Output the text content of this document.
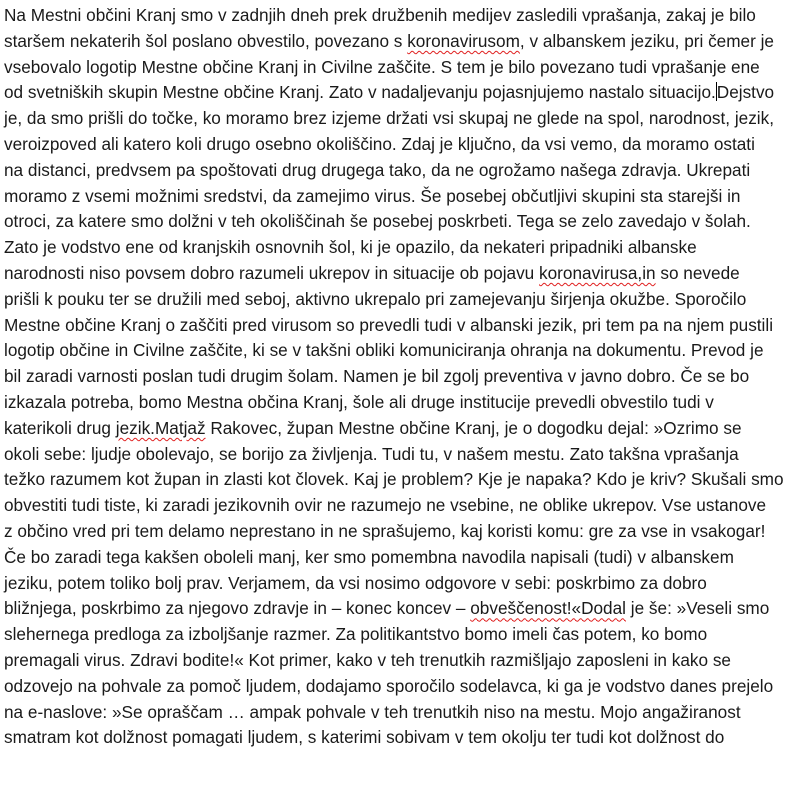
Na Mestni občini Kranj smo v zadnjih dneh prek družbenih medijev zasledili vprašanja, zakaj je bilo
staršem nekaterih šol poslano obvestilo, povezano s koronavirusom, v albanskem jeziku, pri čemer je
vsebovalo logotip Mestne občine Kranj in Civilne zaščite. S tem je bilo povezano tudi vprašanje ene
od svetniških skupin Mestne občine Kranj. Zato v nadaljevanju pojasnjujemo nastalo situacijo.Dejstvo
je, da smo prišli do točke, ko moramo brez izjeme držati vsi skupaj ne glede na spol, narodnost, jezik,
veroizpoved ali katero koli drugo osebno okoliščino. Zdaj je ključno, da vsi vemo, da moramo ostati
na distanci, predvsem pa spoštovati drug drugega tako, da ne ogrožamo našega zdravja. Ukrepati
moramo z vsemi možnimi sredstvi, da zamejimo virus. Še posebej občutljivi skupini sta starejši in
otroci, za katere smo dolžni v teh okoliščinah še posebej poskrbeti. Tega se zelo zavedajo v šolah.
Zato je vodstvo ene od kranjskih osnovnih šol, ki je opazilo, da nekateri pripadniki albanske
narodnosti niso povsem dobro razumeli ukrepov in situacije ob pojavu koronavirusa,in so nevede
prišli k pouku ter se družili med seboj, aktivno ukrepalo pri zamejevanju širjenja okužbe. Sporočilo
Mestne občine Kranj o zaščiti pred virusom so prevedli tudi v albanski jezik, pri tem pa na njem pustili
logotip občine in Civilne zaščite, ki se v takšni obliki komuniciranja ohranja na dokumentu. Prevod je
bil zaradi varnosti poslan tudi drugim šolam. Namen je bil zgolj preventiva v javno dobro. Če se bo
izkazala potreba, bomo Mestna občina Kranj, šole ali druge institucije prevedli obvestilo tudi v
katerikoli drug jezik.Matjaž Rakovec, župan Mestne občine Kranj, je o dogodku dejal: »Ozrimo se
okoli sebe: ljudje obolevajo, se borijo za življenja. Tudi tu, v našem mestu. Zato takšna vprašanja
težko razumem kot župan in zlasti kot človek. Kaj je problem? Kje je napaka? Kdo je kriv? Skušali smo
obvestiti tudi tiste, ki zaradi jezikovnih ovir ne razumejo ne vsebine, ne oblike ukrepov. Vse ustanove
z občino vred pri tem delamo neprestano in ne sprašujemo, kaj koristi komu: gre za vse in vsakogar!
Če bo zaradi tega kakšen oboleli manj, ker smo pomembna navodila napisali (tudi) v albanskem
jeziku, potem toliko bolj prav. Verjamem, da vsi nosimo odgovore v sebi: poskrbimo za dobro
bližnjega, poskrbimo za njegovo zdravje in – konec koncev – obveščenost!«Dodal je še: »Veseli smo
slehernega predloga za izboljšanje razmer. Za politikantstvo bomo imeli čas potem, ko bomo
premagali virus. Zdravi bodite!« Kot primer, kako v teh trenutkih razmišljajo zaposleni in kako se
odzovejo na pohvale za pomoč ljudem, dodajamo sporočilo sodelavca, ki ga je vodstvo danes prejelo
na e-naslove: »Se opraščam … ampak pohvale v teh trenutkih niso na mestu. Mojo angažiranost
smatram kot dolžnost pomagati ljudem, s katerimi sobivam v tem okolju ter tudi kot dolžnost do
